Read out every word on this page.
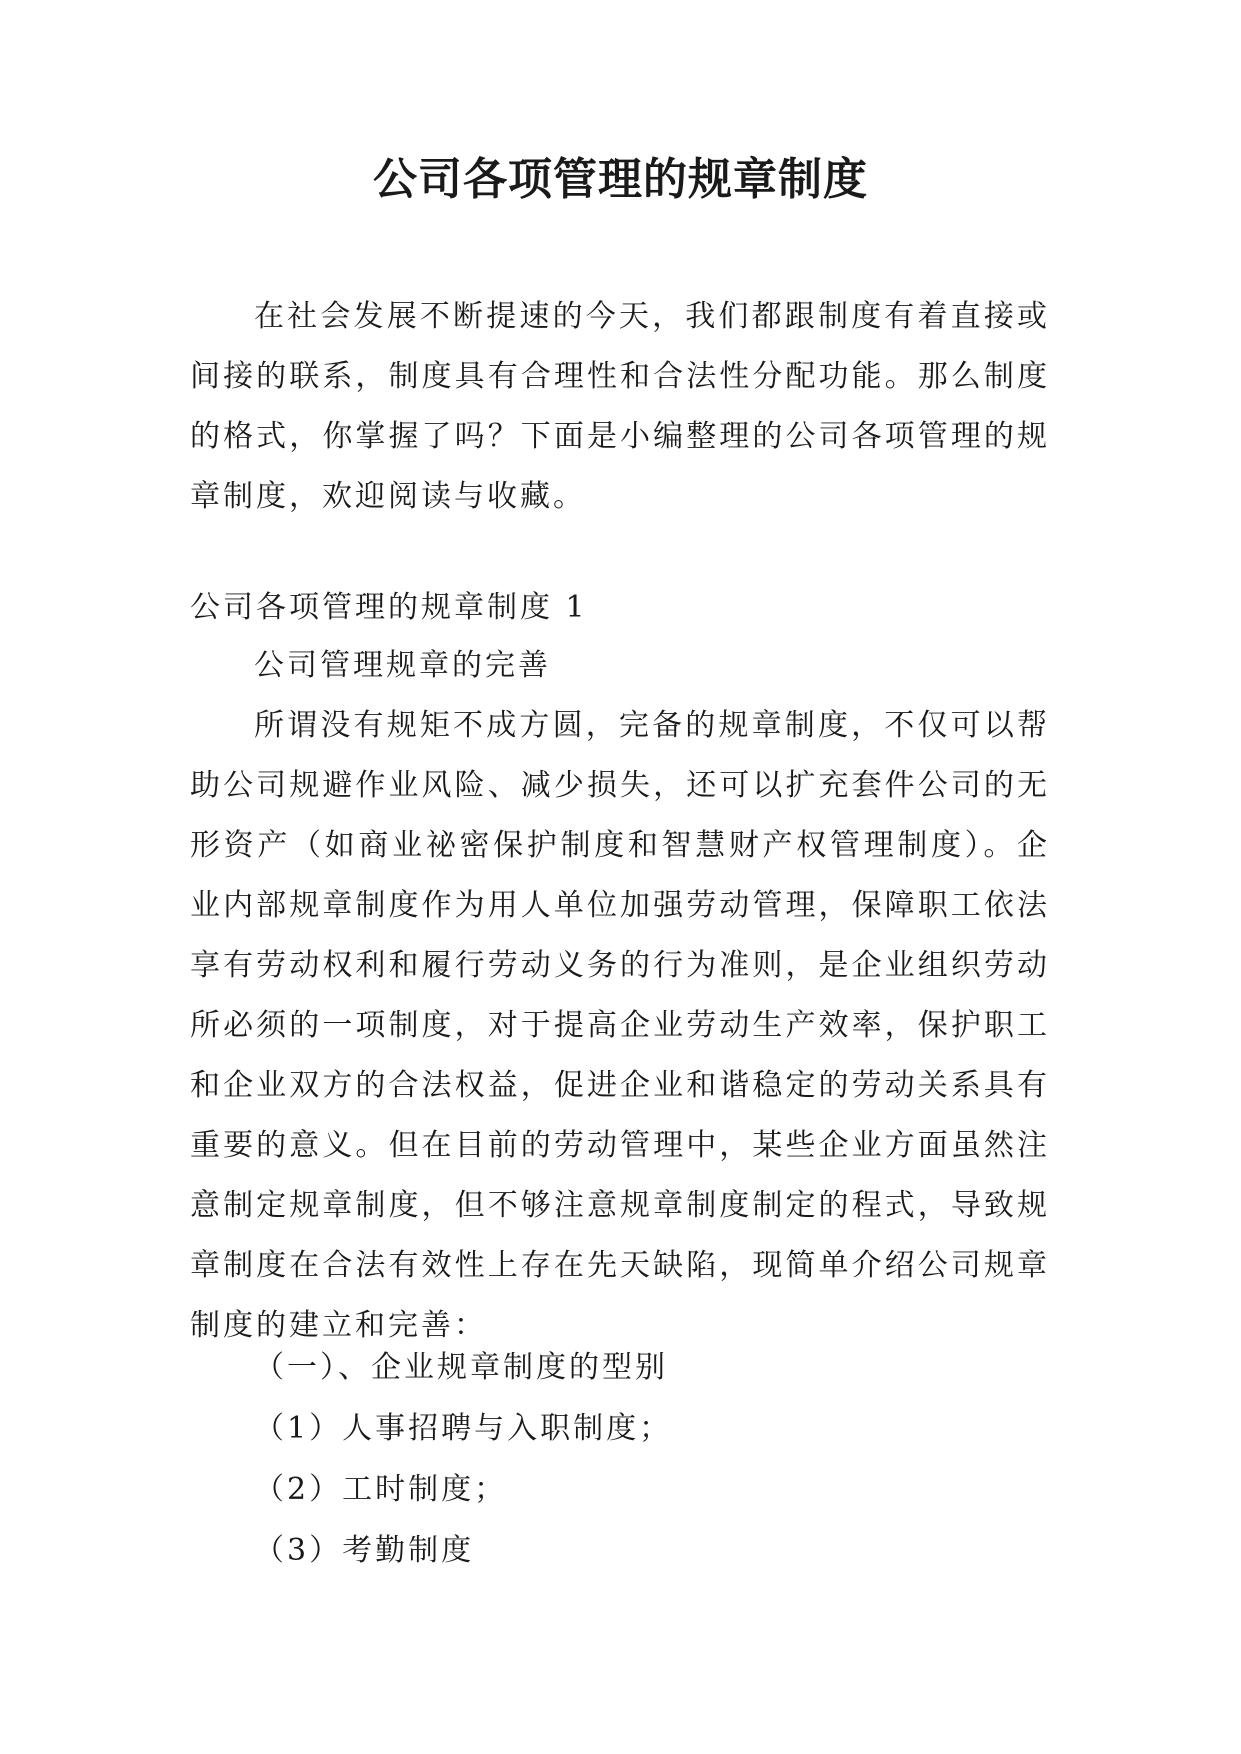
公司各项管理的规章制度

在社会发展不断提速的今天，我们都跟制度有着直接或间接的联系，制度具有合理性和合法性分配功能。那么制度的格式，你掌握了吗？下面是小编整理的公司各项管理的规章制度，欢迎阅读与收藏。

公司各项管理的规章制度 1

公司管理规章的完善

所谓没有规矩不成方圆，完备的规章制度，不仅可以帮助公司规避作业风险、减少损失，还可以扩充套件公司的无形资产（如商业祕密保护制度和智慧财产权管理制度）。企业内部规章制度作为用人单位加强劳动管理，保障职工依法享有劳动权利和履行劳动义务的行为准则，是企业组织劳动所必须的一项制度，对于提高企业劳动生产效率，保护职工和企业双方的合法权益，促进企业和谐稳定的劳动关系具有重要的意义。但在目前的劳动管理中，某些企业方面虽然注意制定规章制度，但不够注意规章制度制定的程式，导致规章制度在合法有效性上存在先天缺陷，现简单介绍公司规章制度的建立和完善：

（一）、企业规章制度的型别
（1）人事招聘与入职制度；
（2）工时制度；
（3）考勤制度
